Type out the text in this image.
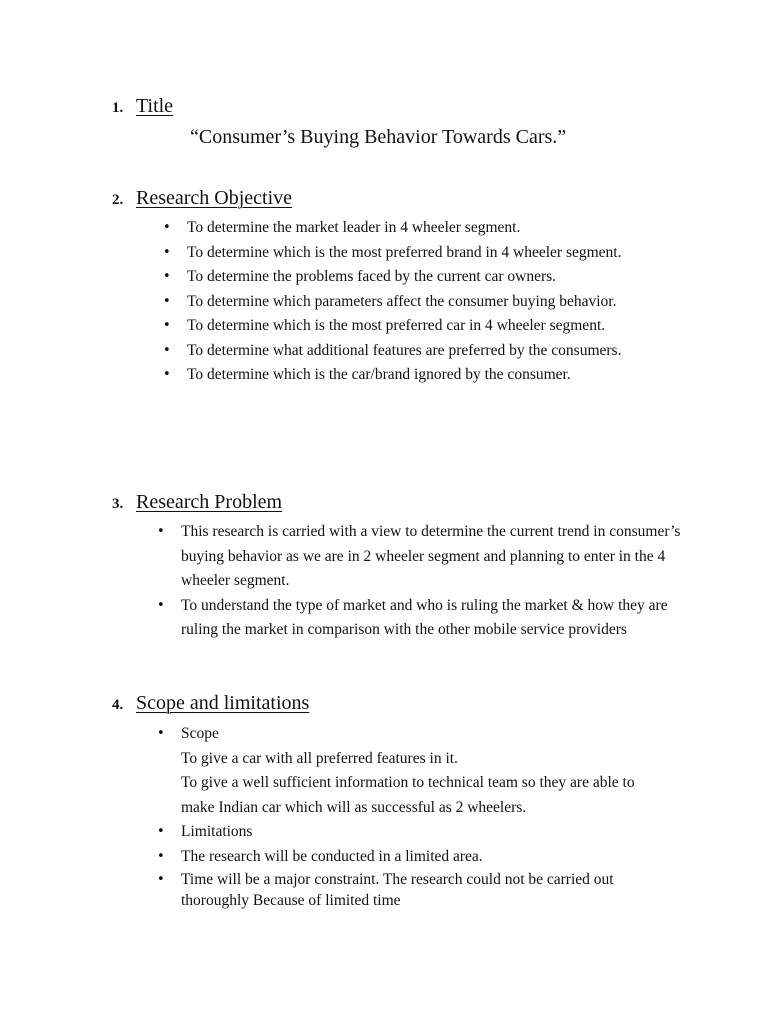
1. Title
“Consumer’s Buying Behavior Towards Cars.”
2. Research Objective
• To determine the market leader in 4 wheeler segment.
• To determine which is the most preferred brand in 4 wheeler segment.
• To determine the problems faced by the current car owners.
• To determine which parameters affect the consumer buying behavior.
• To determine which is the most preferred car in 4 wheeler segment.
• To determine what additional features are preferred by the consumers.
• To determine which is the car/brand ignored by the consumer.
3. Research Problem
• This research is carried with a view to determine the current trend in consumer’s buying behavior as we are in 2 wheeler segment and planning to enter in the 4 wheeler segment.
• To understand the type of market and who is ruling the market & how they are ruling the market in comparison with the other mobile service providers
4. Scope and limitations
• Scope
To give a car with all preferred features in it.
To give a well sufficient information to technical team so they are able to make Indian car which will as successful as 2 wheelers.
• Limitations
• The research will be conducted in a limited area.
• Time will be a major constraint. The research could not be carried out thoroughly Because of limited time
